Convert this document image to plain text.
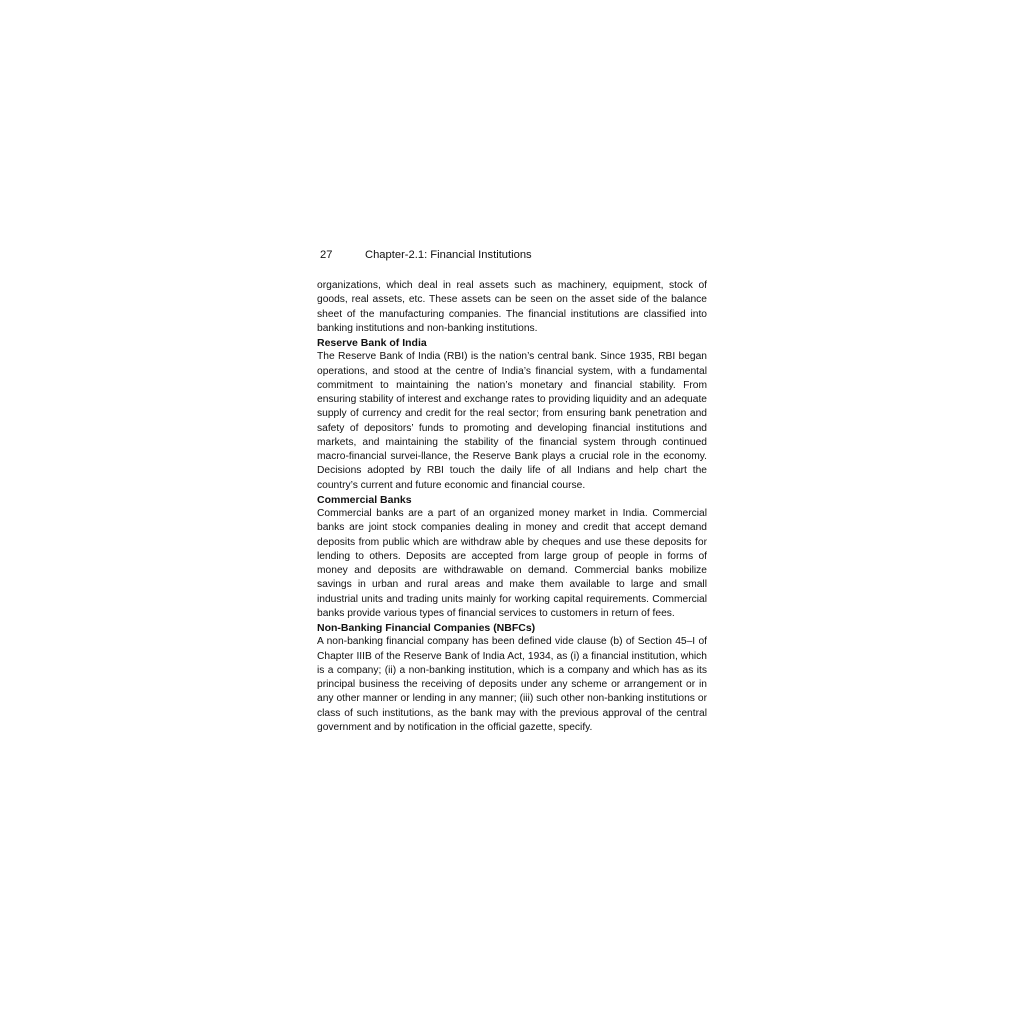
27	Chapter-2.1: Financial Institutions

organizations, which deal in real assets such as machinery, equipment, stock of goods, real assets, etc. These assets can be seen on the asset side of the balance sheet of the manufacturing companies. The financial institutions are classified into banking institutions and non-banking institutions.

Reserve Bank of India

The Reserve Bank of India (RBI) is the nation’s central bank. Since 1935, RBI began operations, and stood at the centre of India’s financial system, with a fundamental commitment to maintaining the nation’s monetary and financial stability. From ensuring stability of interest and exchange rates to providing liquidity and an adequate supply of currency and credit for the real sector; from ensuring bank penetration and safety of depositors’ funds to promoting and developing financial institutions and markets, and maintaining the stability of the financial system through continued macro-financial survei-llance, the Reserve Bank plays a crucial role in the economy. Decisions adopted by RBI touch the daily life of all Indians and help chart the country’s current and future economic and financial course.

Commercial Banks

Commercial banks are a part of an organized money market in India. Commercial banks are joint stock companies dealing in money and credit that accept demand deposits from public which are withdraw able by cheques and use these deposits for lending to others. Deposits are accepted from large group of people in forms of money and deposits are withdrawable on demand. Commercial banks mobilize savings in urban and rural areas and make them available to large and small industrial units and trading units mainly for working capital requirements. Commercial banks provide various types of financial services to customers in return of fees.

Non-Banking Financial Companies (NBFCs)

A non-banking financial company has been defined vide clause (b) of Section 45–I of Chapter IIIB of the Reserve Bank of India Act, 1934, as (i) a financial institution, which is a company; (ii) a non-banking institution, which is a company and which has as its principal business the receiving of deposits under any scheme or arrangement or in any other manner or lending in any manner; (iii) such other non-banking institutions or class of such institutions, as the bank may with the previous approval of the central government and by notification in the official gazette, specify.
